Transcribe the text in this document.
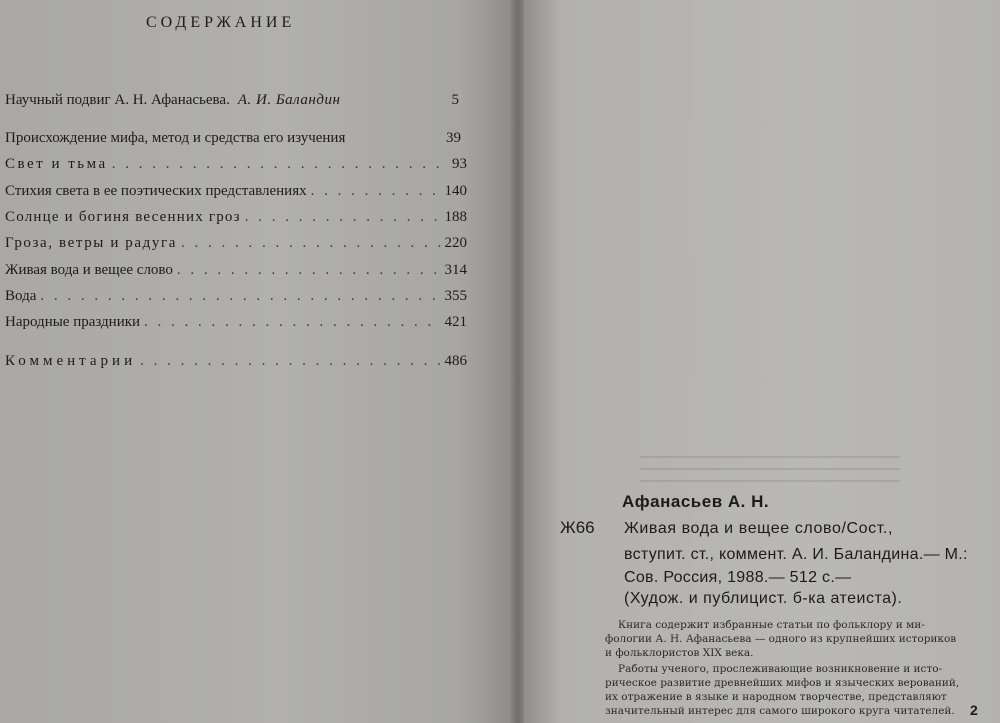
СОДЕРЖАНИЕ
Научный подвиг А. Н. Афанасьева. А. И. Баландин	5
Происхождение мифа, метод и средства его изучения	39
Свет и тьма . . .	93
Стихия света в ее поэтических представлениях . . .	140
Солнце и богиня весенних гроз . . .	188
Гроза, ветры и радуга . . .	220
Живая вода и вещее слово . . .	314
Вода . . .	355
Народные праздники . . .	421
Комментарии . . .	486
Афанасьев А. Н.
Ж66 Живая вода и вещее слово/Сост.,
вступит. ст., коммент. А. И. Баландина.— М.: Сов. Россия, 1988.— 512 с.—
(Худож. и публицист. б-ка атеиста).
Книга содержит избранные статьи по фольклору и ми-
фологии А. Н. Афанасьева — одного из крупнейших историков
и фольклористов XIX века.
Работы ученого, прослеживающие возникновение и исто-
рическое развитие древнейших мифов и языческих верований,
их отражение в языке и народном творчестве, представляют
значительный интерес для самого широкого круга читателей. 2
